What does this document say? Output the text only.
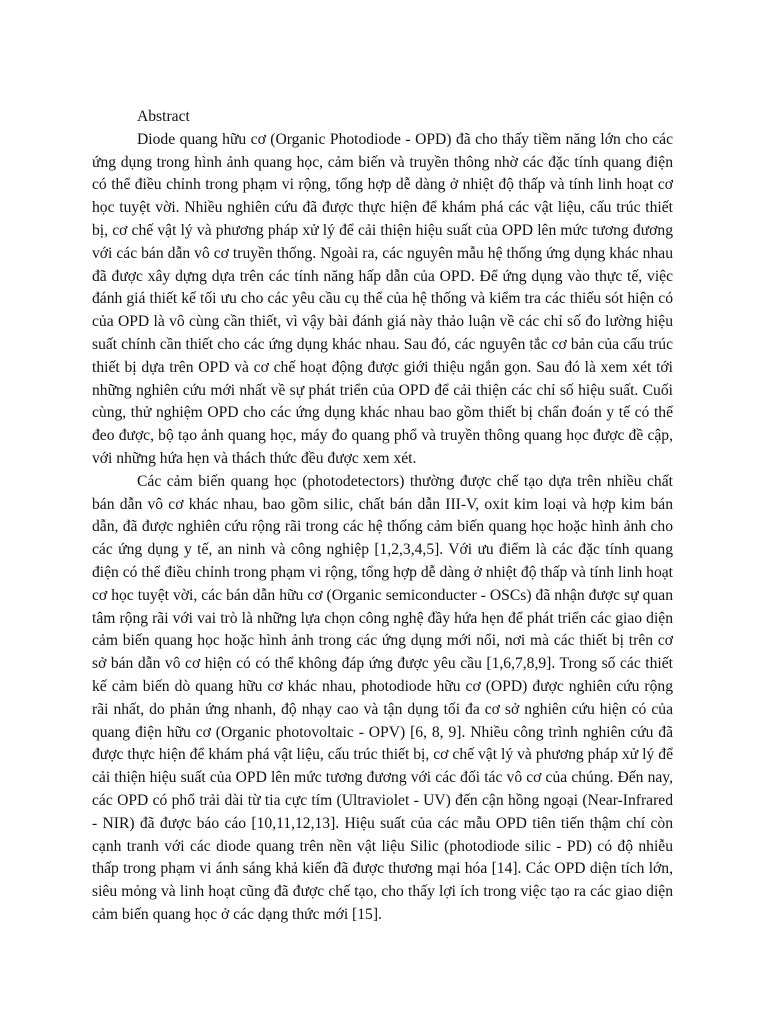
Abstract

Diode quang hữu cơ (Organic Photodiode - OPD) đã cho thấy tiềm năng lớn cho các ứng dụng trong hình ảnh quang học, cảm biến và truyền thông nhờ các đặc tính quang điện có thể điều chỉnh trong phạm vi rộng, tổng hợp dễ dàng ở nhiệt độ thấp và tính linh hoạt cơ học tuyệt vời. Nhiều nghiên cứu đã được thực hiện để khám phá các vật liệu, cấu trúc thiết bị, cơ chế vật lý và phương pháp xử lý để cải thiện hiệu suất của OPD lên mức tương đương với các bán dẫn vô cơ truyền thống. Ngoài ra, các nguyên mẫu hệ thống ứng dụng khác nhau đã được xây dựng dựa trên các tính năng hấp dẫn của OPD. Để ứng dụng vào thực tế, việc đánh giá thiết kế tối ưu cho các yêu cầu cụ thể của hệ thống và kiểm tra các thiếu sót hiện có của OPD là vô cùng cần thiết, vì vậy bài đánh giá này thảo luận về các chỉ số đo lường hiệu suất chính cần thiết cho các ứng dụng khác nhau. Sau đó, các nguyên tắc cơ bản của cấu trúc thiết bị dựa trên OPD và cơ chế hoạt động được giới thiệu ngắn gọn. Sau đó là xem xét tới những nghiên cứu mới nhất về sự phát triển của OPD để cải thiện các chỉ số hiệu suất. Cuối cùng, thử nghiệm OPD cho các ứng dụng khác nhau bao gồm thiết bị chẩn đoán y tế có thể đeo được, bộ tạo ảnh quang học, máy đo quang phổ và truyền thông quang học được đề cập, với những hứa hẹn và thách thức đều được xem xét.

Các cảm biến quang học (photodetectors) thường được chế tạo dựa trên nhiều chất bán dẫn vô cơ khác nhau, bao gồm silic, chất bán dẫn III-V, oxit kim loại và hợp kim bán dẫn, đã được nghiên cứu rộng rãi trong các hệ thống cảm biến quang học hoặc hình ảnh cho các ứng dụng y tế, an ninh và công nghiệp [1,2,3,4,5]. Với ưu điểm là các đặc tính quang điện có thể điều chỉnh trong phạm vi rộng, tổng hợp dễ dàng ở nhiệt độ thấp và tính linh hoạt cơ học tuyệt vời, các bán dẫn hữu cơ (Organic semiconducter - OSCs) đã nhận được sự quan tâm rộng rãi với vai trò là những lựa chọn công nghệ đầy hứa hẹn để phát triển các giao diện cảm biến quang học hoặc hình ảnh trong các ứng dụng mới nổi, nơi mà các thiết bị trên cơ sở bán dẫn vô cơ hiện có có thể không đáp ứng được yêu cầu [1,6,7,8,9]. Trong số các thiết kế cảm biến dò quang hữu cơ khác nhau, photodiode hữu cơ (OPD) được nghiên cứu rộng rãi nhất, do phản ứng nhanh, độ nhạy cao và tận dụng tối đa cơ sở nghiên cứu hiện có của quang điện hữu cơ (Organic photovoltaic - OPV) [6, 8, 9]. Nhiều công trình nghiên cứu đã được thực hiện để khám phá vật liệu, cấu trúc thiết bị, cơ chế vật lý và phương pháp xử lý để cải thiện hiệu suất của OPD lên mức tương đương với các đối tác vô cơ của chúng. Đến nay, các OPD có phổ trải dài từ tia cực tím (Ultraviolet - UV) đến cận hồng ngoại (Near-Infrared - NIR) đã được báo cáo [10,11,12,13]. Hiệu suất của các mẫu OPD tiên tiến thậm chí còn cạnh tranh với các diode quang trên nền vật liệu Silic (photodiode silic - PD) có độ nhiễu thấp trong phạm vi ánh sáng khả kiến đã được thương mại hóa [14]. Các OPD diện tích lớn, siêu mỏng và linh hoạt cũng đã được chế tạo, cho thấy lợi ích trong việc tạo ra các giao diện cảm biến quang học ở các dạng thức mới [15].
